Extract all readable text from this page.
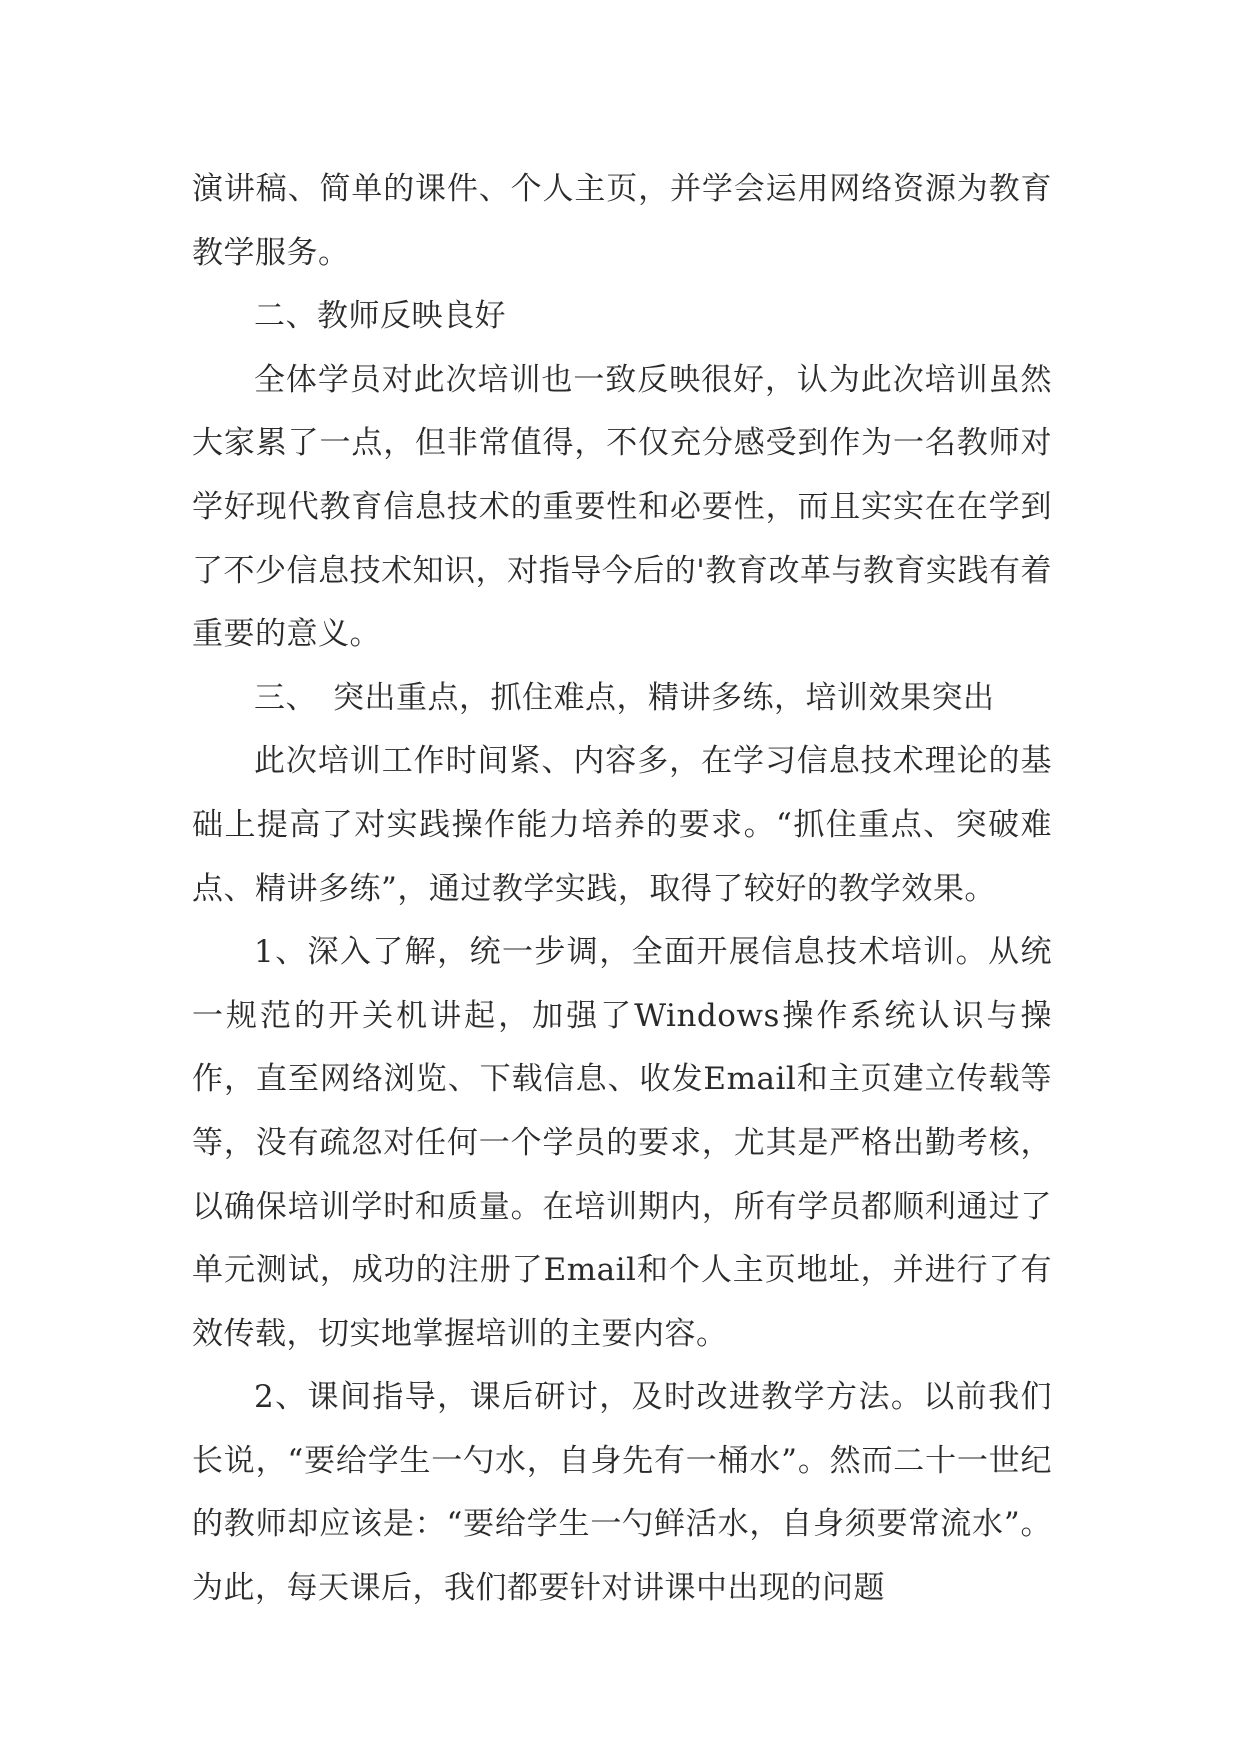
演讲稿、简单的课件、个人主页，并学会运用网络资源为教育教学服务。

二、教师反映良好

全体学员对此次培训也一致反映很好，认为此次培训虽然大家累了一点，但非常值得，不仅充分感受到作为一名教师对学好现代教育信息技术的重要性和必要性，而且实实在在学到了不少信息技术知识，对指导今后的'教育改革与教育实践有着重要的意义。

三、　突出重点，抓住难点，精讲多练，培训效果突出

此次培训工作时间紧、内容多，在学习信息技术理论的基础上提高了对实践操作能力培养的要求。“抓住重点、突破难点、精讲多练”，通过教学实践，取得了较好的教学效果。

1、深入了解，统一步调，全面开展信息技术培训。从统一规范的开关机讲起，加强了Windows操作系统认识与操作，直至网络浏览、下载信息、收发Email和主页建立传载等等，没有疏忽对任何一个学员的要求，尤其是严格出勤考核，以确保培训学时和质量。在培训期内，所有学员都顺利通过了单元测试，成功的注册了Email和个人主页地址，并进行了有效传载，切实地掌握培训的主要内容。

2、课间指导，课后研讨，及时改进教学方法。以前我们长说，“要给学生一勺水，自身先有一桶水”。然而二十一世纪的教师却应该是：“要给学生一勺鲜活水，自身须要常流水”。为此，每天课后，我们都要针对讲课中出现的问题
